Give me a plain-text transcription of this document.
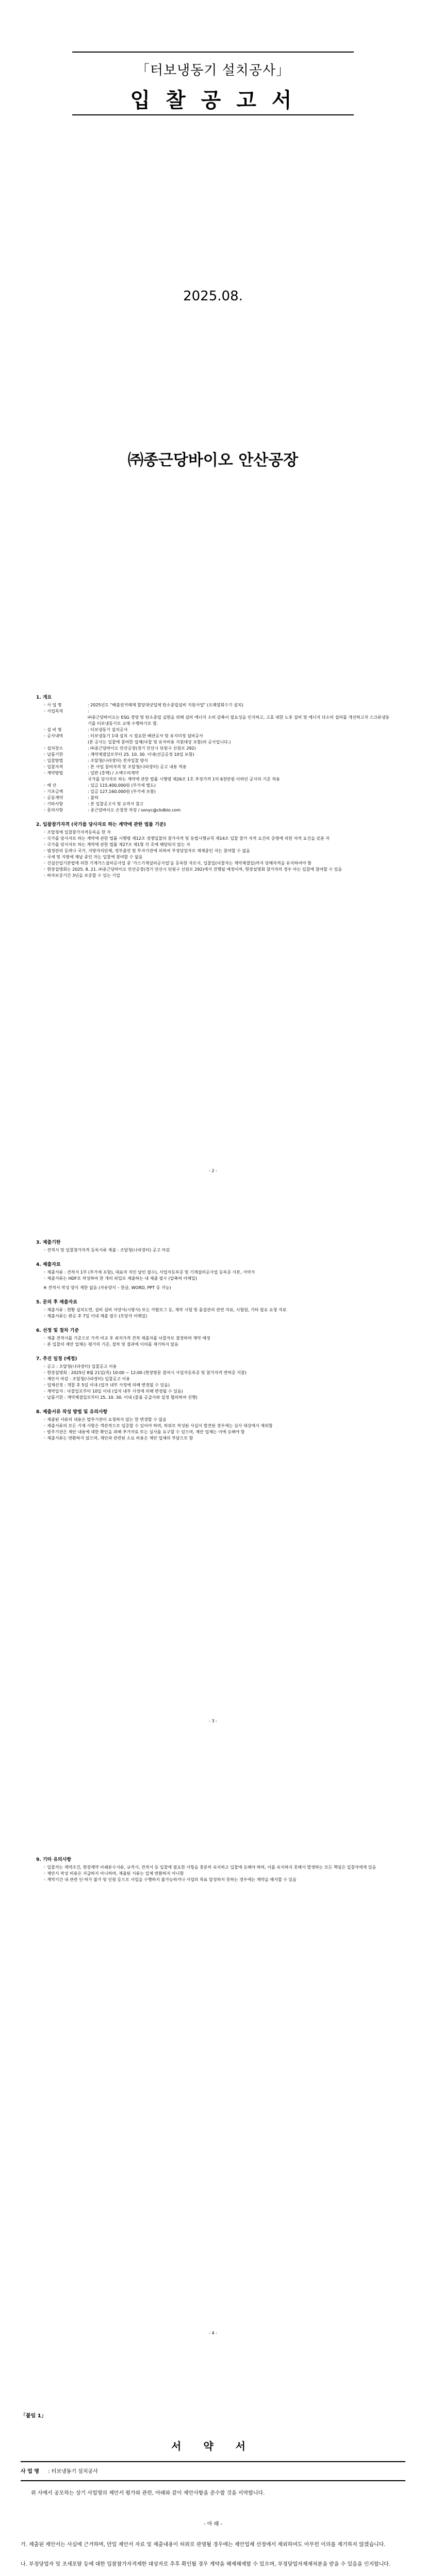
「터보냉동기 설치공사」
입 찰 공 고 서
2025.08.
㈜종근당바이오 안산공장
1. 개요
◦ 사 업 명	: 2025년도 "배출권거래제 할당대상업체 탄소중립설비 지원사업" (오폐열회수기 설치)
◦ 사업목적	:
㈜종근당바이오는 ESG 경영 및 탄소중립 실현을 위해 설비 에너지 소비 감축이 필요성을 인지하고, 고효 대한 노후 설비 및 에너지 다소비 설비를 개선하고자 스크류냉동기를 터보냉동기로 교체 수행하기로 함.
◦ 설 비 명	: 터보냉동기 설치공사
◦ 공사내역	: 터보냉동기 1대 설치 시 필요한 배관공사 및 유지미정 설비공사
(본 공사는 입찰에 참여한 업체(낙찰 및 유자비용 지원대상 포함)의 공사입니다.)
◦ 설치장소	: ㈜종근당바이오 안산공장(경기 안산시 단원구 신원로 292)
◦ 납품기한	: 계약체결일로부터 25. 10. 30. 이내(선금공정 10일 포함)
◦ 입찰방법	: 조달청(나라장터) 전자입찰 방식
◦ 입찰자격	: 본 사업 참여자격 및 조달청(나라장터) 공고 내용 적용
◦ 계약방법	: 일반 (총액) / 소액수의계약
국가를 당사자로 하는 계약에 관한 법률 시행령 제26조 1호 추정가격 1억 6천만원 이하인 공사의 기준 적용
◦ 예 산	: 일금 115,400,000원 (부가세 별도)
◦ 기초금액	: 일금 127,160,000원 (부가세 포함)
◦ 공동계약	: 불허
◦ 기타사항	: 본 입찰공고서 및 규격서 참고
◦ 문의사항	: 종근당바이오 손창찬 차장 / sonyc@ckdbio.com
2. 입찰참가자격 (국가를 당사자로 하는 계약에 관한 법률 기준)
◦ 조달청에 입찰참가자격등록을 한 자
◦ 국가를 당사자로 하는 계약에 관한 법률 시행령 제12조 경쟁입찰의 참가자격 및 동법시행규칙 제14조 입찰 참가 자격 요건의 증명에 의한 자격 요건을 갖춘 자
◦ 국가를 당사자로 하는 계약에 관한 법률 제27조 제1항 각 호에 해당되지 않는 자
◦ 범정관의 등려나 국가, 지방자치단체, 정부출연 및 투자기관에 의하여 부정당업자로 제재중인 자는 참여할 수 없음
◦ 국세 및 지방세 체납 중인 자는 입찰에 참여할 수 없음
◦ 건설산업기본법에 의한 기계가스설비공사업 중 '가스기계설비공사업'을 등록한 자로서, 입찰일(낙찰자는 계약체결일)까지 당해자격을 유지하여야 함
◦ 현장설명회는 2025. 8. 21. ㈜종근당바이오 안산공장(경기 안산시 단원구 신원로 292)에서 진행될 예정이며, 현장설명회 참가자의 경우 아는 입찰에 참여할 수 있음
◦ 하자보증기간 3년을 보증할 수 있는 기업
- 2 -
3. 제출기한
◦ 견적서 및 입찰참가자격 등록서류 제출 : 조달청(나라장터) 공고 마감
4. 제출자료
◦ 제출서류 : 견적서 1부 (부가세 포함), 대표자 직인 날인 필수), 사업자등록증 및 기계설비공사업 등록증 사본, 서약서
◦ 제출서류는 HDF로 작성하여 한 개의 파일로 제출하는 내 제출 필수 (압축허 이메일)
※ 견적서 작성 양식 제한 없음 (자유양식 – 한글, WORD, PPT 등 가능)
5. 문의 후 제출자료
◦ 제출서류 : 현황 설치도면, 설비 설비 사양서(시방서) 또는 카탈로그 등, 제작 시험 및 품질관리 관련 자료, 시험원, 기타 필요 요청 자료
◦ 제출서류는 완공 후 7일 이내 제출 필수 (모당자 이메일)
6. 선정 및 절차 기준
◦ 제출 견적서를 기준으로 가격 비교 후 최저가격 견적 제출자를 낙찰자로 결정하며 계약 예정
◦ 본 입찰의 제안 업체는 평가의 기준, 절차 및 결과에 이의를 제기하지 않음
7. 추진 일정 (예정)
◦ 공고 : 조달청(나라장터) 입찰공고 이용
◦ 현장설명회 : 2025년 8월 21일(목) 10:00 ~ 12:00 (현장방문 참여시 사업자등록증 및 참가자격 면허증 지참)
◦ 제안서 마감 : 조달청(나라장터) 입찰공고 이용
◦ 업체선정 : 개찰 후 5일 이내 (업자 내부 사정에 의해 변경될 수 있음)
◦ 계약일자 : 낙찰일로부터 10일 이내 (업자 내부 사정에 의해 변경될 수 있음)
◦ 납품기한 : 계약체결일로부터 25. 10. 30. 이내 (물품 공급사와 일정 협의하여 진행)
8. 제출서류 작성 방법 및 유의사항
◦ 제출된 서류의 내용은 발주기관이 요청하지 않는 한 변경할 수 없음
◦ 제출서류의 모든 기재 사항은 객관적으로 입증할 수 있어야 하며, 허위로 작성된 사실이 발견된 경우에는 심사 대상에서 제외함
◦ 발주기관은 제안 내용에 대한 확인을 위해 추가자료 또는 실사를 요구할 수 있으며, 제안 업체는 이에 응해야 함
◦ 제출서류는 반환하지 않으며, 제안과 관련된 소요 비용은 제안 업체의 부담으로 함
- 3 -
9. 기타 유의사항
◦ 입찰자는 계약조건, 현장제약 아쉐론수서류, 규격서, 견적서 등 입찰에 필요한 사항을 충분히 숙지하고 입찰에 응해야 하며, 이를 숙지하지 못해서 발생하는 모든 책임은 입찰자에게 있음
◦ 제안서 작성 비용은 지급하지 아니하며, 제출된 서류는 일체 반환하지 아니함
◦ 계약기간 내 관련 인·허가 불가 및 인원 등으로 사업을 수행하지 불가능하거나 사업의 목표 달성하지 못하는 경우에는 계약을 해지할 수 있음
- 4 -
「붙임 1」
서 약 서
사 업 명 : 터보냉동기 설치공사
위 사에서 공모하는 상기 사업명의 제안서 평가와 관련, 아래와 같이 제안사항을 준수할 것을 서약합니다.
- 아 래 -
가. 제출된 제안서는 사실에 근거하며, 만일 제안서 자료 및 제출내용이 허위로 판명될 경우에는 제안업체 선정에서 제외하여도 아무런 이의를 제기하지 않겠습니다.
나. 부정당업자 및 조세포탈 등에 대한 입찰참가자격제한 대상자로 추후 확인될 경우 계약을 해제해제할 수 있으며, 부정당업자제재처분을 받을 수 있음을 인지합니다.
